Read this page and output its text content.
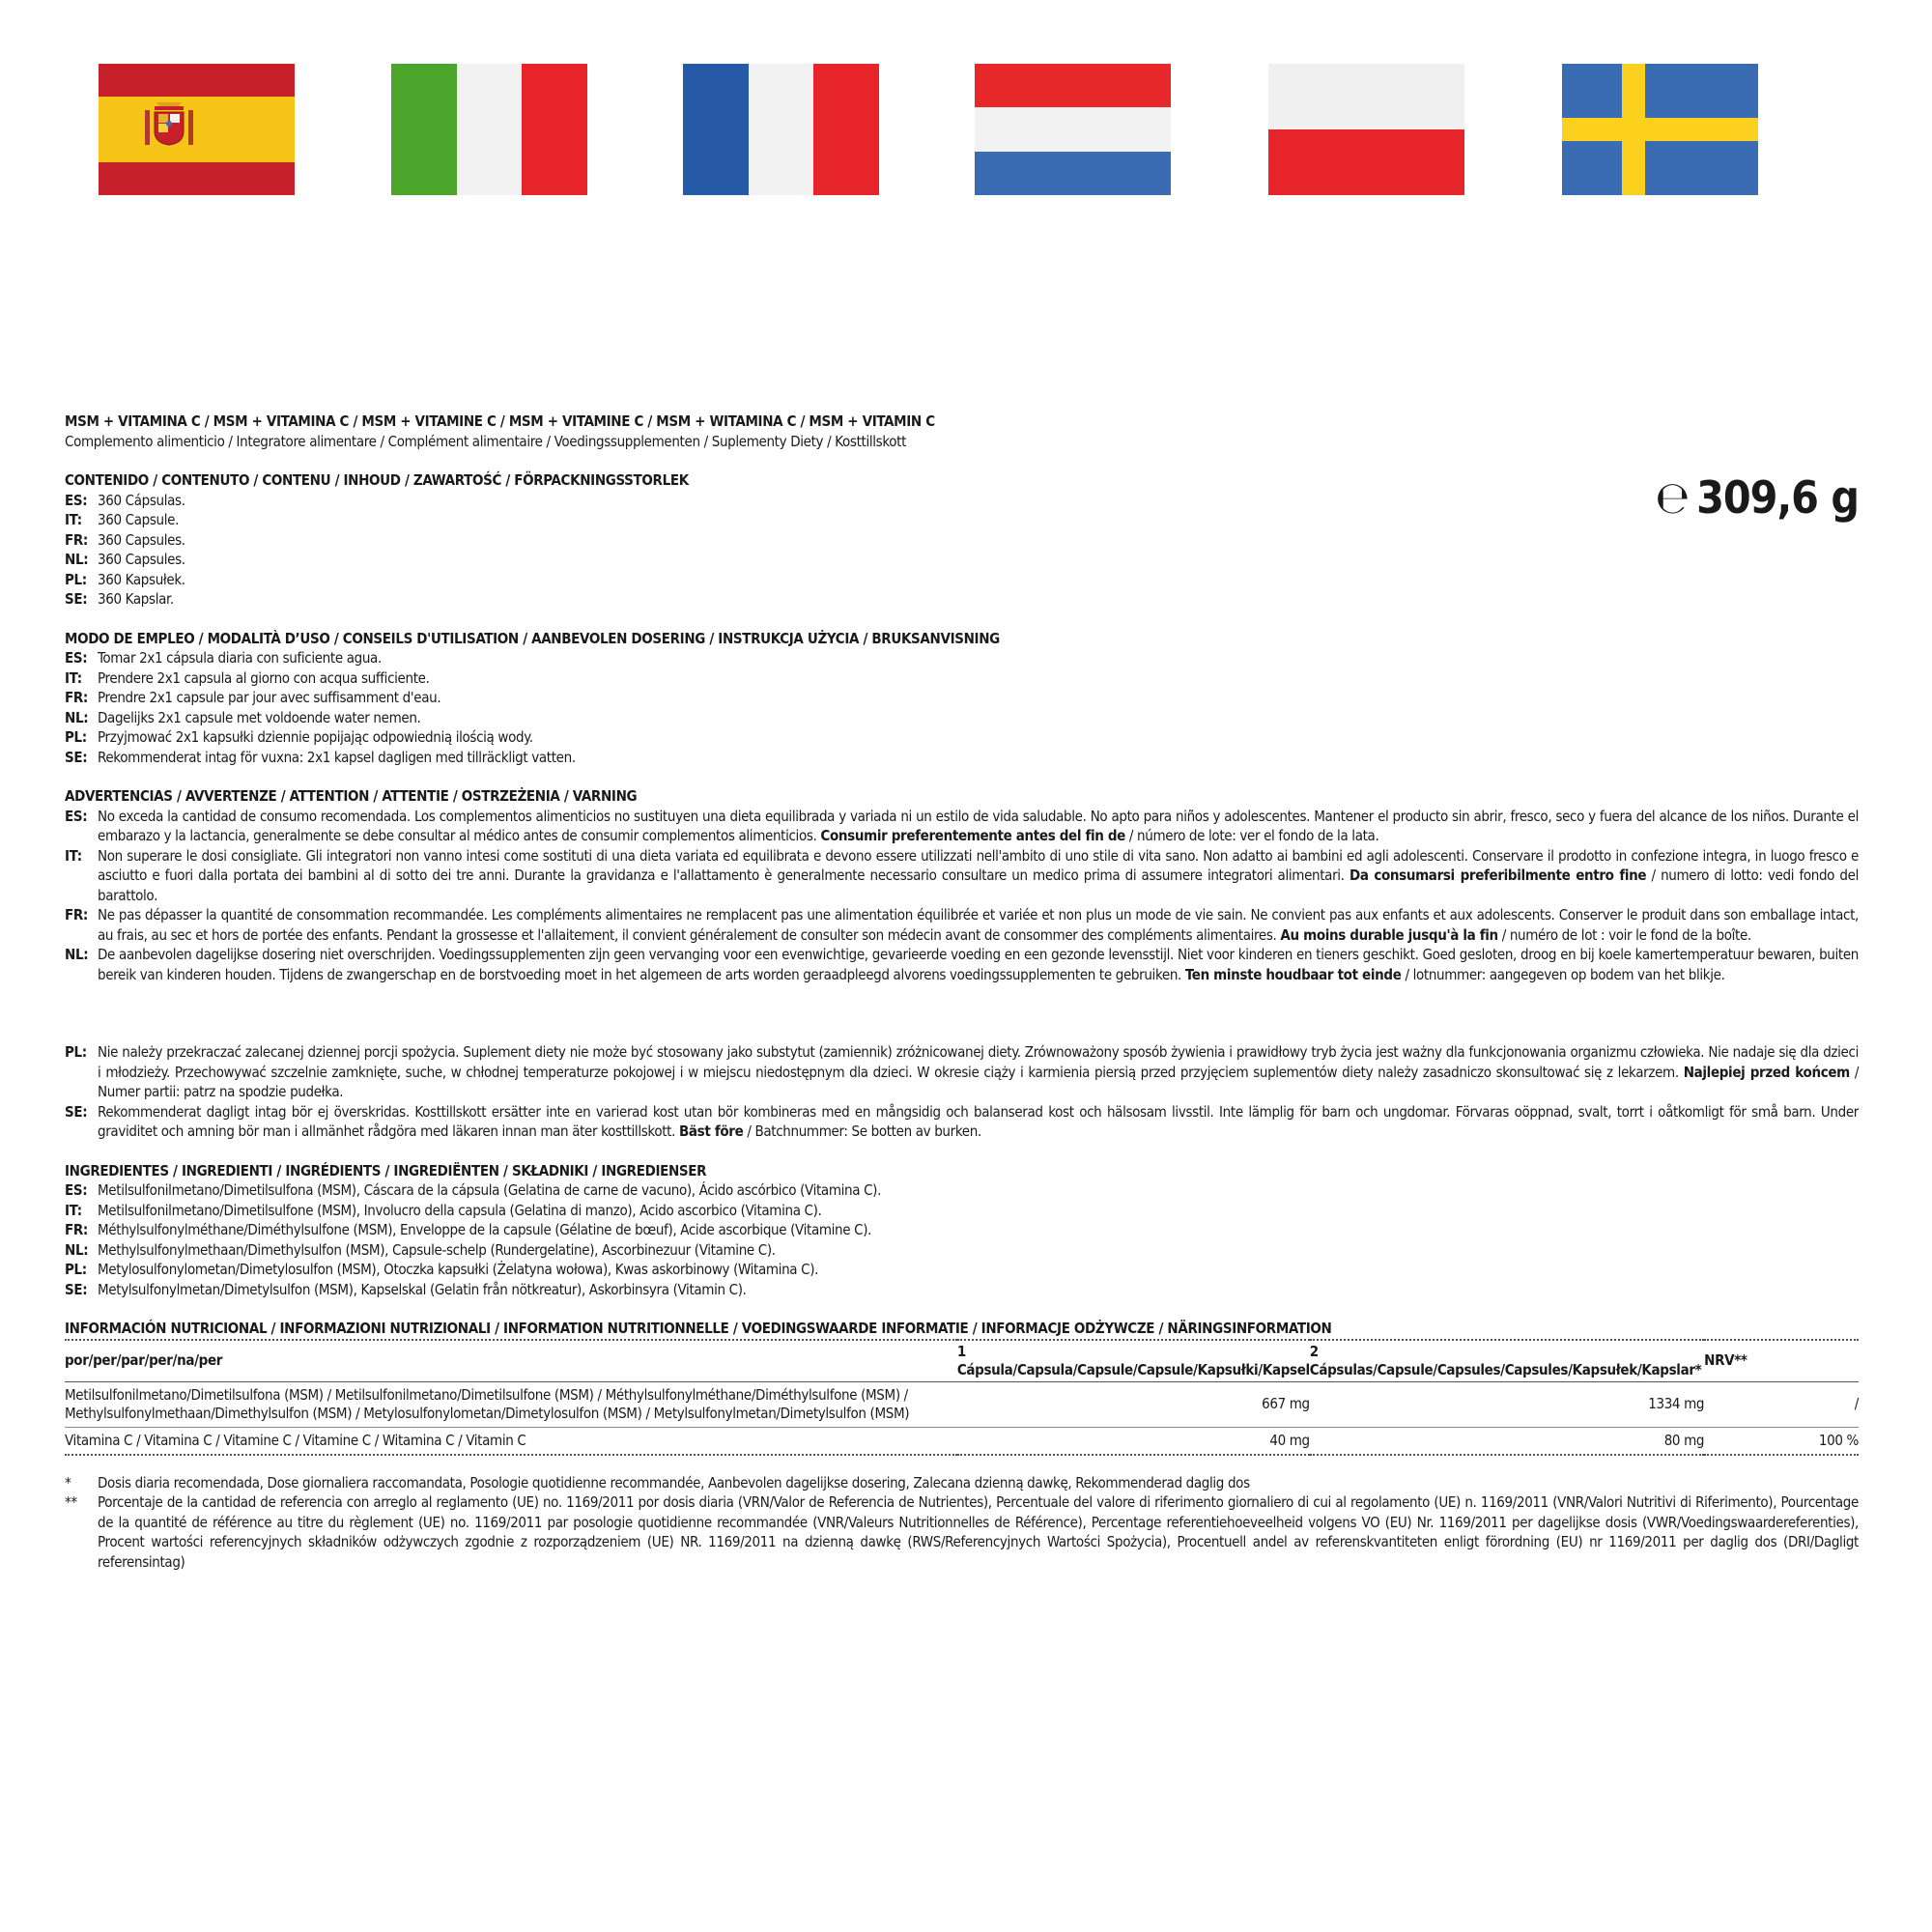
℮ 309,6 g
MSM + VITAMINA C / MSM + VITAMINA C / MSM + VITAMINE C / MSM + VITAMINE C / MSM + WITAMINA C / MSM + VITAMIN C

Complemento alimenticio / Integratore alimentare / Complément alimentaire / Voedingssupplementen / Suplementy Diety / Kosttillskott

CONTENIDO / CONTENUTO / CONTENU / INHOUD / ZAWARTOŚĆ / FÖRPACKNINGSSTORLEK
ES: 360 Cápsulas.
IT:	360 Capsule.
FR: 360 Capsules.
NL: 360 Capsules.
PL: 360 Kapsułek.
SE: 360 Kapslar.
MODO DE EMPLEO / MODALITÀ D’USO / CONSEILS D'UTILISATION / AANBEVOLEN DOSERING / INSTRUKCJA UŻYCIA / BRUKSANVISNING
ES: Tomar 2x1 cápsula diaria con suficiente agua.
IT:	Prendere 2x1 capsula al giorno con acqua sufficiente.
FR: Prendre 2x1 capsule par jour avec suffisamment d'eau.
NL: Dagelijks 2x1 capsule met voldoende water nemen.
PL: Przyjmować 2x1 kapsułki dziennie popijając odpowiednią ilością wody.
SE: Rekommenderat intag för vuxna: 2x1 kapsel dagligen med tillräckligt vatten.
ADVERTENCIAS / AVVERTENZE / ATTENTION / ATTENTIE / OSTRZEŻENIA / VARNING
ES: No exceda la cantidad de consumo recomendada. Los complementos alimenticios no sustituyen una dieta equilibrada y variada ni un estilo de vida saludable. No apto para niños y adolescentes. Mantener el producto sin abrir, fresco, seco y fuera del alcance de los niños. Durante el embarazo y la lactancia, generalmente se debe consultar al médico antes de consumir complementos alimenticios. Consumir preferentemente antes del fin de / número de lote: ver el fondo de la lata.
IT:	Non superare le dosi consigliate. Gli integratori non vanno intesi come sostituti di una dieta variata ed equilibrata e devono essere utilizzati nell'ambito di uno stile di vita sano. Non adatto ai bambini ed agli adolescenti. Conservare il prodotto in confezione integra, in luogo fresco e asciutto e fuori dalla portata dei bambini al di sotto dei tre anni. Durante la gravidanza e l'allattamento è generalmente necessario consultare un medico prima di assumere integratori alimentari. Da consumarsi preferibilmente entro fine / numero di lotto: vedi fondo del barattolo.
FR: Ne pas dépasser la quantité de consommation recommandée. Les compléments alimentaires ne remplacent pas une alimentation équilibrée et variée et non plus un mode de vie sain. Ne convient pas aux enfants et aux adolescents. Conserver le produit dans son emballage intact, au frais, au sec et hors de portée des enfants. Pendant la grossesse et l'allaitement, il convient généralement de consulter son médecin avant de consommer des compléments alimentaires. Au moins durable jusqu'à la fin / numéro de lot : voir le fond de la boîte.
NL: De aanbevolen dagelijkse dosering niet overschrijden. Voedingssupplementen zijn geen vervanging voor een evenwichtige, gevarieerde voeding en een gezonde levensstijl. Niet voor kinderen en tieners geschikt. Goed gesloten, droog en bij koele kamertemperatuur bewaren, buiten bereik van kinderen houden. Tijdens de zwangerschap en de borstvoeding moet in het algemeen de arts worden geraadpleegd alvorens voedingssupplementen te gebruiken. Ten minste houdbaar tot einde / lotnummer: aangegeven op bodem van het blikje.
PL: Nie należy przekraczać zalecanej dziennej porcji spożycia. Suplement diety nie może być stosowany jako substytut (zamiennik) zróżnicowanej diety. Zrównoważony sposób żywienia i prawidłowy tryb życia jest ważny dla funkcjonowania organizmu człowieka. Nie nadaje się dla dzieci i młodzieży. Przechowywać szczelnie zamknięte, suche, w chłodnej temperaturze pokojowej i w miejscu niedostępnym dla dzieci. W okresie ciąży i karmienia piersią przed przyjęciem suplementów diety należy zasadniczo skonsultować się z lekarzem. Najlepiej przed końcem / Numer partii: patrz na spodzie pudełka.
SE: Rekommenderat dagligt intag bör ej överskridas. Kosttillskott ersätter inte en varierad kost utan bör kombineras med en mångsidig och balanserad kost och hälsosam livsstil. Inte lämplig för barn och ungdomar. Förvaras oöppnad, svalt, torrt i oåtkomligt för små barn. Under graviditet och amning bör man i allmänhet rådgöra med läkaren innan man äter kosttillskott. Bäst före / Batchnummer: Se botten av burken.
INGREDIENTES / INGREDIENTI / INGRÉDIENTS / INGREDIËNTEN / SKŁADNIKI / INGREDIENSER
ES: Metilsulfonilmetano/Dimetilsulfona (MSM), Cáscara de la cápsula (Gelatina de carne de vacuno), Ácido ascórbico (Vitamina C).
IT:	Metilsulfonilmetano/Dimetilsulfone (MSM), Involucro della capsula (Gelatina di manzo), Acido ascorbico (Vitamina C).
FR: Méthylsulfonylméthane/Diméthylsulfone (MSM), Enveloppe de la capsule (Gélatine de bœuf), Acide ascorbique (Vitamine C).
NL: Methylsulfonylmethaan/Dimethylsulfon (MSM), Capsule-schelp (Rundergelatine), Ascorbinezuur (Vitamine C).
PL: Metylosulfonylometan/Dimetylosulfon (MSM), Otoczka kapsułki (Żelatyna wołowa), Kwas askorbinowy (Witamina C).
SE: Metylsulfonylmetan/Dimetylsulfon (MSM), Kapselskal (Gelatin från nötkreatur), Askorbinsyra (Vitamin C).
INFORMACIÓN NUTRICIONAL / INFORMAZIONI NUTRIZIONALI / INFORMATION NUTRITIONNELLE / VOEDINGSWAARDE INFORMATIE / INFORMACJE ODŻYWCZE / NÄRINGSINFORMATION
por/per/par/per/na/per	1 Cápsula/Capsula/Capsule/Capsule/Kapsułki/Kapsel	2 Cápsulas/Capsule/Capsules/Capsules/Kapsułek/Kapslar*	NRV**
Metilsulfonilmetano/Dimetilsulfona (MSM) / Metilsulfonilmetano/Dimetilsulfone (MSM) / Méthylsulfonylméthane/Diméthylsulfone (MSM) / Methylsulfonylmethaan/Dimethylsulfon (MSM) / Metylosulfonylometan/Dimetylosulfon (MSM) / Metylsulfonylmetan/Dimetylsulfon (MSM)	667 mg	1334 mg	/
Vitamina C / Vitamina C / Vitamine C / Vitamine C / Witamina C / Vitamin C	40 mg	80 mg	100 %
*	Dosis diaria recomendada, Dose giornaliera raccomandata, Posologie quotidienne recommandée, Aanbevolen dagelijkse dosering, Zalecana dzienną dawkę, Rekommenderad daglig dos
**	Porcentaje de la cantidad de referencia con arreglo al reglamento (UE) no. 1169/2011 por dosis diaria (VRN/Valor de Referencia de Nutrientes), Percentuale del valore di riferimento giornaliero di cui al regolamento (UE) n. 1169/2011 (VNR/Valori Nutritivi di Riferimento), Pourcentage de la quantité de référence au titre du règlement (UE) no. 1169/2011 par posologie quotidienne recommandée (VNR/Valeurs Nutritionnelles de Référence), Percentage referentiehoeveelheid volgens VO (EU) Nr. 1169/2011 per dagelijkse dosis (VWR/Voedingswaardereferenties), Procent wartości referencyjnych składników odżywczych zgodnie z rozporządzeniem (UE) NR. 1169/2011 na dzienną dawkę (RWS/Referencyjnych Wartości Spożycia), Procentuell andel av referenskvantiteten enligt förordning (EU) nr 1169/2011 per daglig dos (DRI/Dagligt referensintag)
